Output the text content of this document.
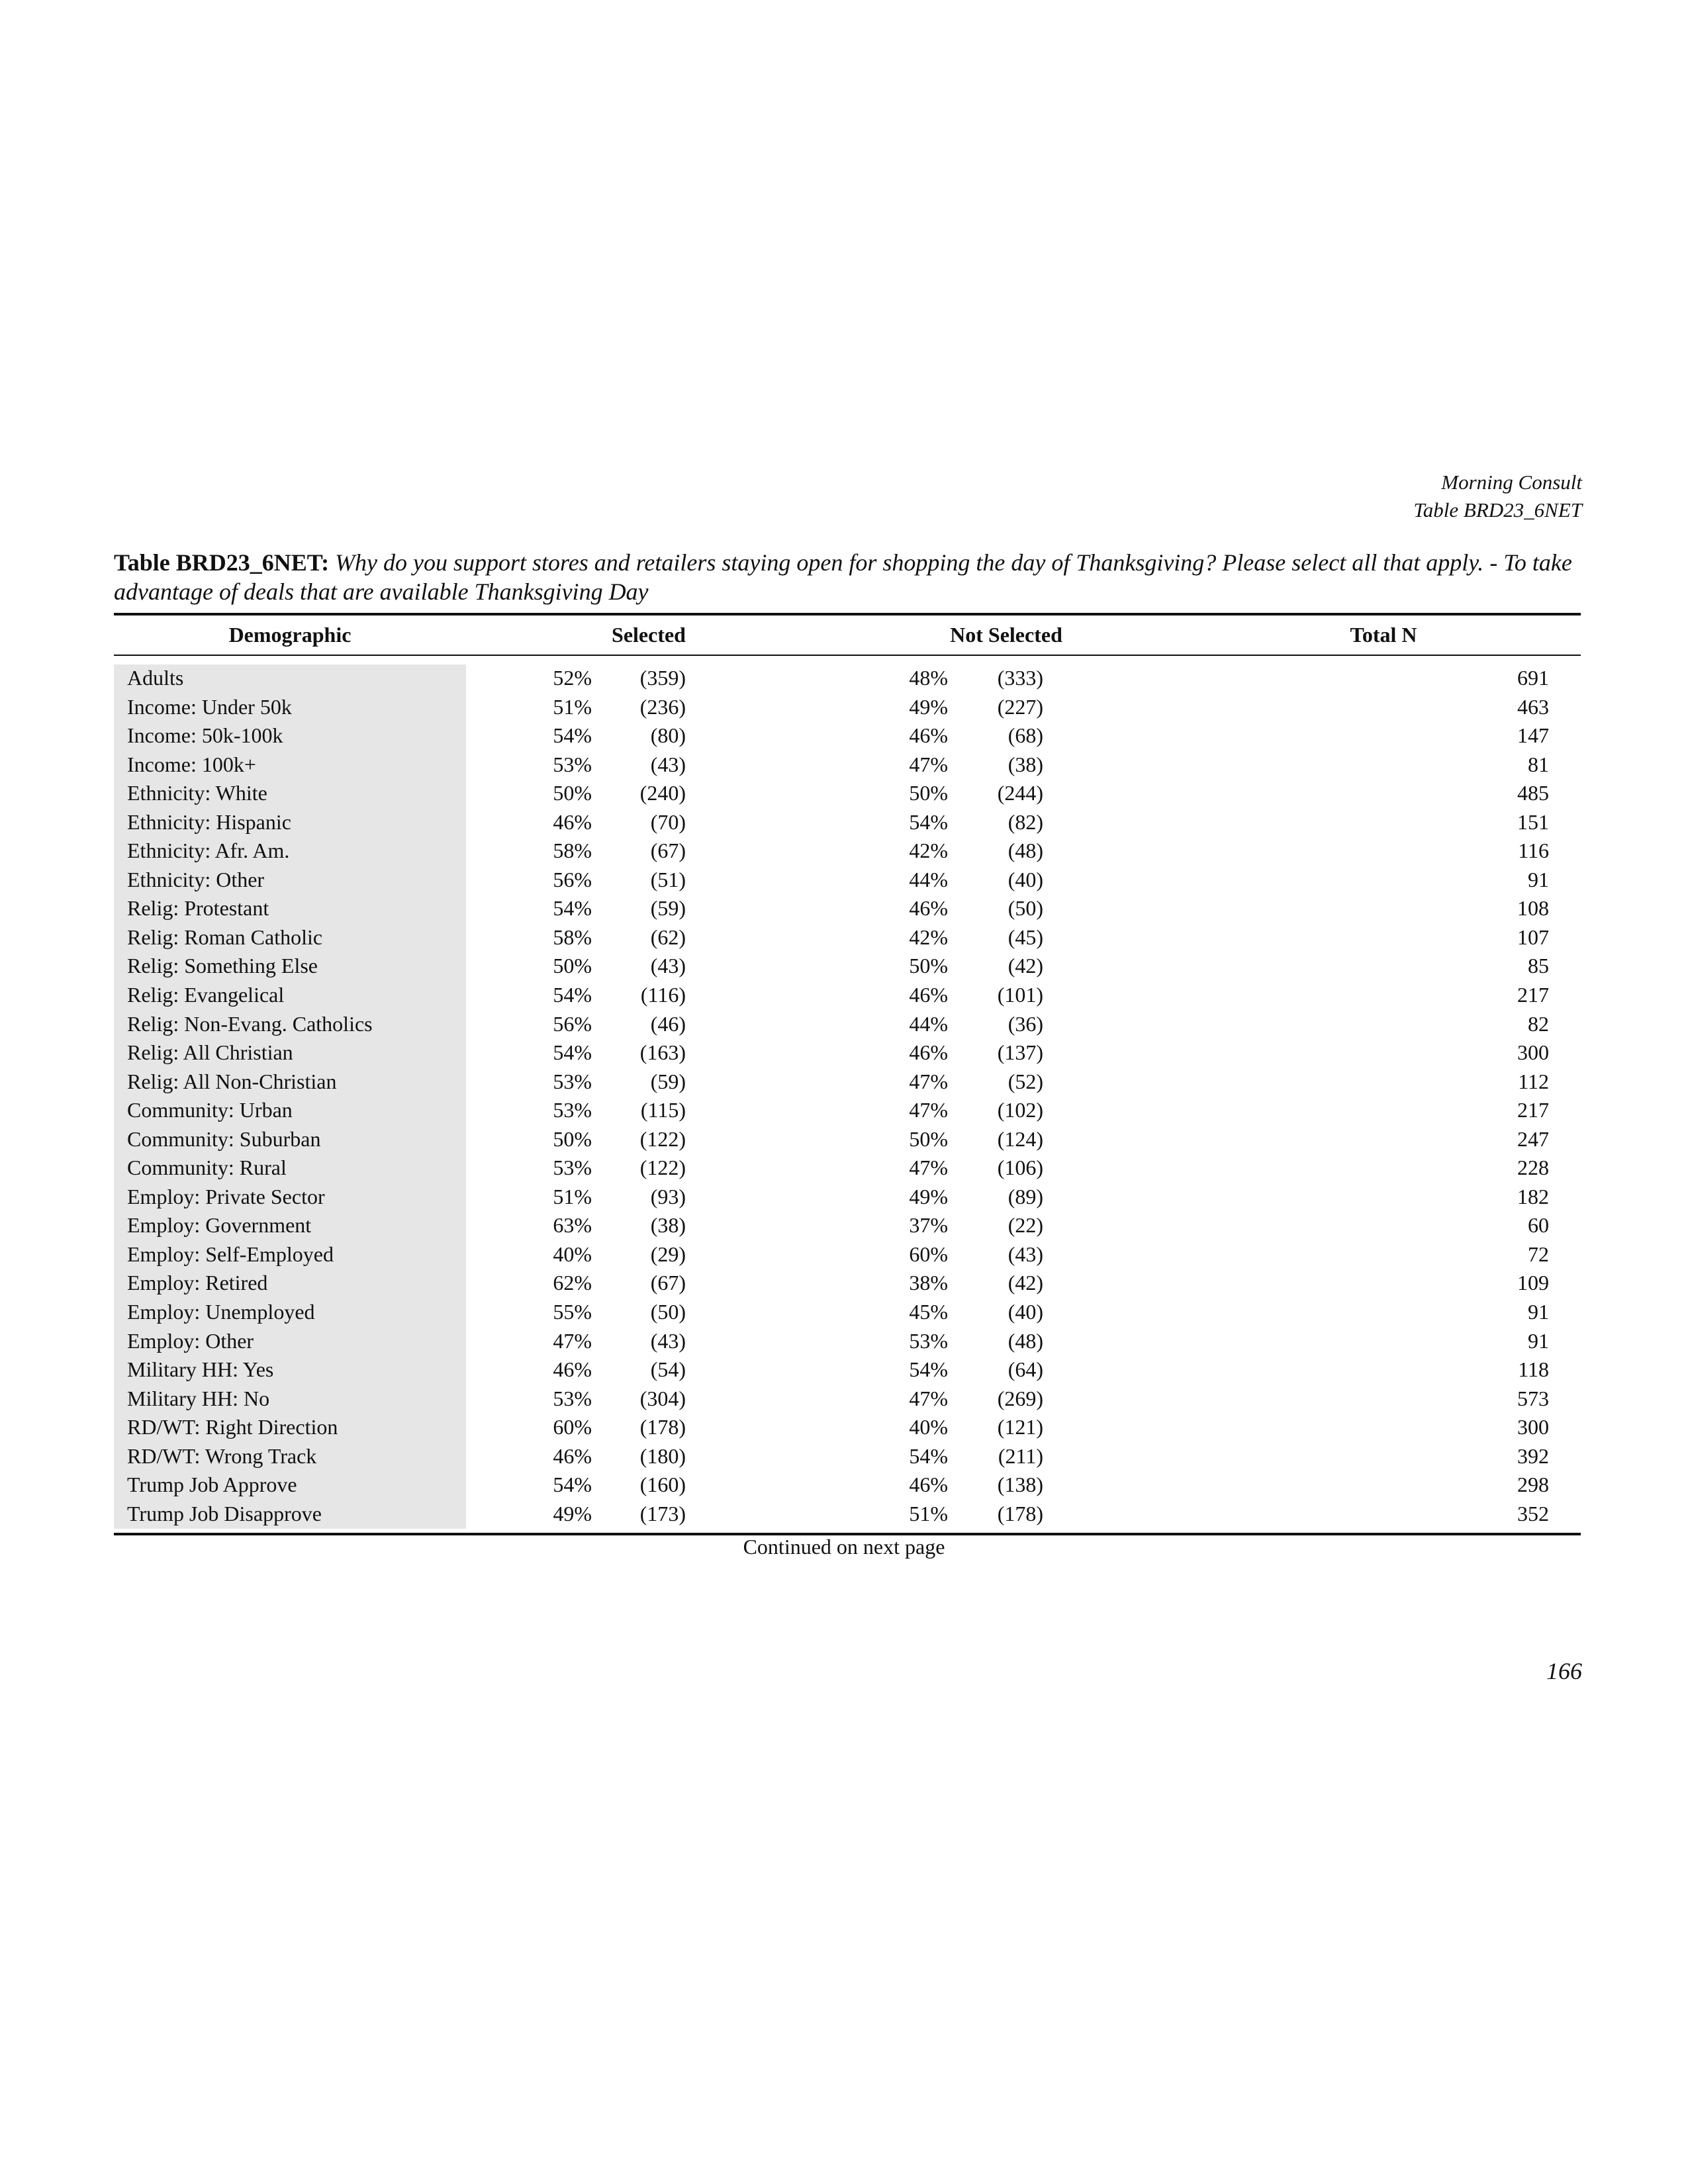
Morning Consult
Table BRD23_6NET
Table BRD23_6NET: Why do you support stores and retailers staying open for shopping the day of Thanksgiving? Please select all that apply. - To take advantage of deals that are available Thanksgiving Day
Demographic	Selected	Not Selected	Total N
Adults	52% (359)	48% (333)	691
Income: Under 50k	51% (236)	49% (227)	463
Income: 50k-100k	54%	(80)	46%	(68)	147
Income: 100k+	53%	(43)	47%	(38)	81
Ethnicity: White	50% (240)	50% (244)	485
Ethnicity: Hispanic	46%	(70)	54%	(82)	151
Ethnicity: Afr. Am.	58%	(67)	42%	(48)	116
Ethnicity: Other	56%	(51)	44%	(40)	91
Relig: Protestant	54%	(59)	46%	(50)	108
Relig: Roman Catholic	58%	(62)	42%	(45)	107
Relig: Something Else	50%	(43)	50%	(42)	85
Relig: Evangelical	54% (116)	46% (101)	217
Relig: Non-Evang. Catholics	56%	(46)	44%	(36)	82
Relig: All Christian	54% (163)	46% (137)	300
Relig: All Non-Christian	53%	(59)	47%	(52)	112
Community: Urban	53% (115)	47% (102)	217
Community: Suburban	50% (122)	50% (124)	247
Community: Rural	53% (122)	47% (106)	228
Employ: Private Sector	51%	(93)	49%	(89)	182
Employ: Government	63%	(38)	37%	(22)	60
Employ: Self-Employed	40%	(29)	60%	(43)	72
Employ: Retired	62%	(67)	38%	(42)	109
Employ: Unemployed	55%	(50)	45%	(40)	91
Employ: Other	47%	(43)	53%	(48)	91
Military HH: Yes	46%	(54)	54%	(64)	118
Military HH: No	53% (304)	47% (269)	573
RD/WT: Right Direction	60% (178)	40% (121)	300
RD/WT: Wrong Track	46% (180)	54% (211)	392
Trump Job Approve	54% (160)	46% (138)	298
Trump Job Disapprove	49% (173)	51% (178)	352
Continued on next page
166
